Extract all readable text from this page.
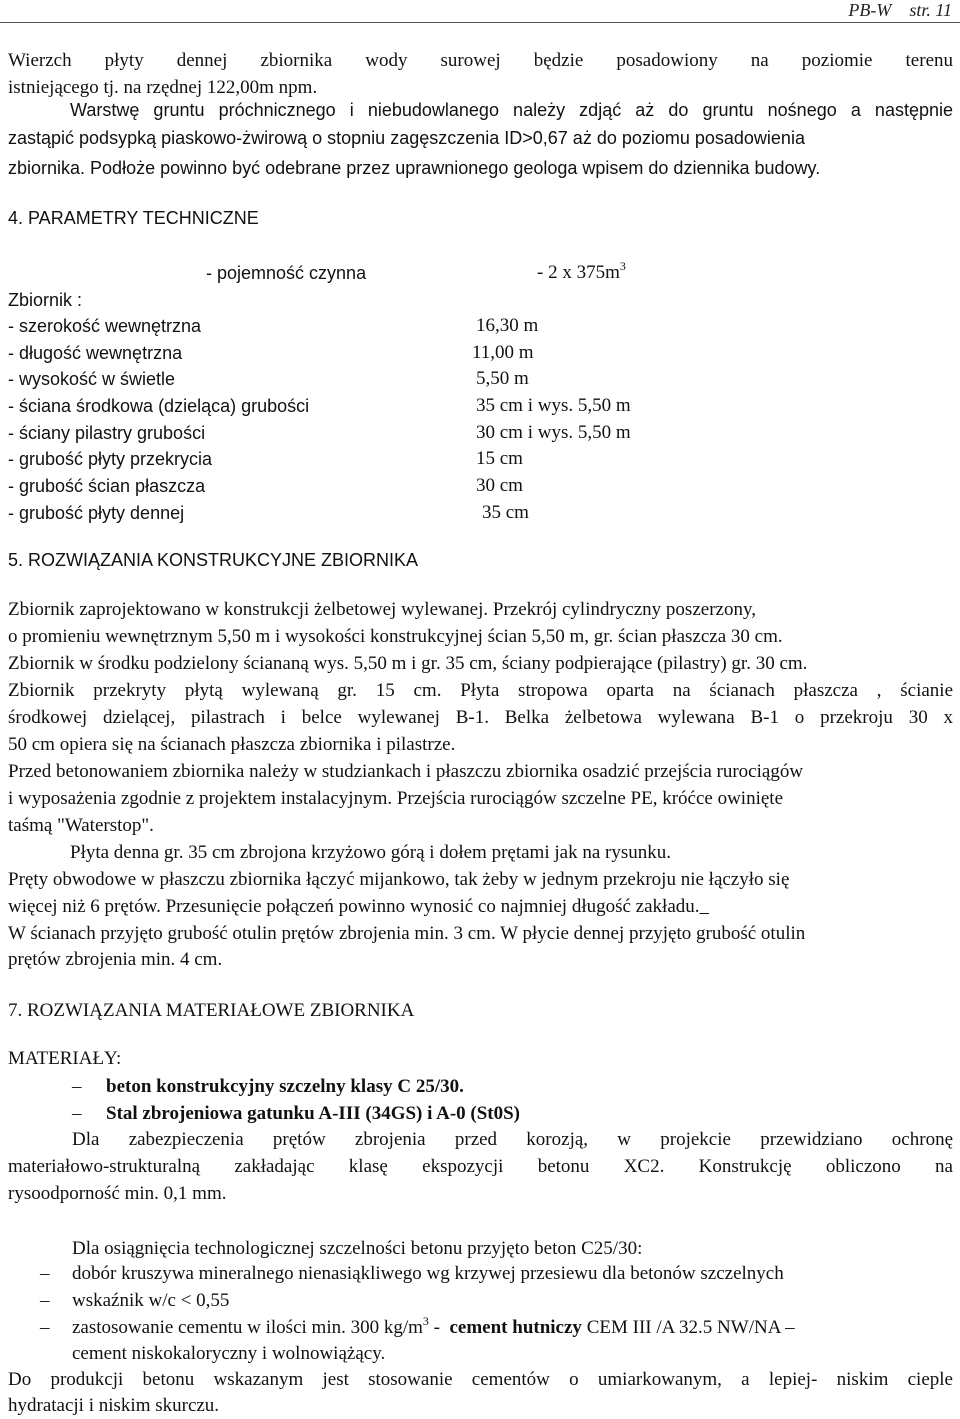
PB-W str. 11
Wierzch płyty dennej zbiornika wody surowej będzie posadowiony na poziomie terenu
istniejącego tj. na rzędnej 122,00m npm.
Warstwę gruntu próchnicznego i niebudowlanego należy zdjąć aż do gruntu nośnego a następnie
zastąpić podsypką piaskowo-żwirową o stopniu zagęszczenia ID>0,67 aż do poziomu posadowienia
zbiornika. Podłoże powinno być odebrane przez uprawnionego geologa wpisem do dziennika budowy.
4. PARAMETRY TECHNICZNE
- pojemność czynna	- 2 x $375m^3$
Zbiornik :
- szerokość wewnętrzna	16,30 m
- długość wewnętrzna	11,00 m
- wysokość w świetle	5,50 m
- ściana środkowa (dzieląca) grubości	35 cm i wys. 5,50 m
- ściany pilastry grubości	30 cm i wys. 5,50 m
- grubość płyty przekrycia	15 cm
- grubość ścian płaszcza	30 cm
- grubość płyty dennej	35 cm
5. ROZWIĄZANIA KONSTRUKCYJNE ZBIORNIKA
Zbiornik zaprojektowano w konstrukcji żelbetowej wylewanej. Przekrój cylindryczny poszerzony,
o promieniu wewnętrznym 5,50 m i wysokości konstrukcyjnej ścian 5,50 m, gr. ścian płaszcza 30 cm.
Zbiornik w środku podzielony ściananą wys. 5,50 m i gr. 35 cm, ściany podpierające (pilastry) gr. 30 cm.
Zbiornik przekryty płytą wylewaną gr. 15 cm. Płyta stropowa oparta na ścianach płaszcza , ścianie
środkowej dzielącej, pilastrach i belce wylewanej B-1. Belka żelbetowa wylewana B-1 o przekroju 30 x
50 cm opiera się na ścianach płaszcza zbiornika i pilastrze.
Przed betonowaniem zbiornika należy w studziankach i płaszczu zbiornika osadzić przejścia rurociągów
i wyposażenia zgodnie z projektem instalacyjnym. Przejścia rurociągów szczelne PE, króćce owinięte
taśmą "Waterstop".
Płyta denna gr. 35 cm zbrojona krzyżowo górą i dołem prętami jak na rysunku.
Pręty obwodowe w płaszczu zbiornika łączyć mijankowo, tak żeby w jednym przekroju nie łączyło się
więcej niż 6 prętów. Przesunięcie połączeń powinno wynosić co najmniej długość zakładu.
W ścianach przyjęto grubość otulin prętów zbrojenia min. 3 cm. W płycie dennej przyjęto grubość otulin
prętów zbrojenia min. 4 cm.
7. ROZWIĄZANIA MATERIAŁOWE ZBIORNIKA
MATERIAŁY:
– beton konstrukcyjny szczelny klasy C 25/30.
– Stal zbrojeniowa gatunku A-III (34GS) i A-0 (St0S)
Dla zabezpieczenia prętów zbrojenia przed korozją, w projekcie przewidziano ochronę
materiałowo-strukturalną zakładając klasę ekspozycji betonu XC2. Konstrukcję obliczono na
rysoodporność min. 0,1 mm.
Dla osiągnięcia technologicznej szczelności betonu przyjęto beton C25/30:
– dobór kruszywa mineralnego nienasiąkliwego wg krzywej przesiewu dla betonów szczelnych
– wskaźnik w/c < 0,55
– zastosowanie cementu w ilości min. 300 $kg/m^3$ -  cement hutniczy CEM III /A 32.5 NW/NA –
cement niskokaloryczny i wolnowiążący.
Do produkcji betonu wskazanym jest stosowanie cementów o umiarkowanym, a lepiej- niskim cieple
hydratacji i niskim skurczu.
